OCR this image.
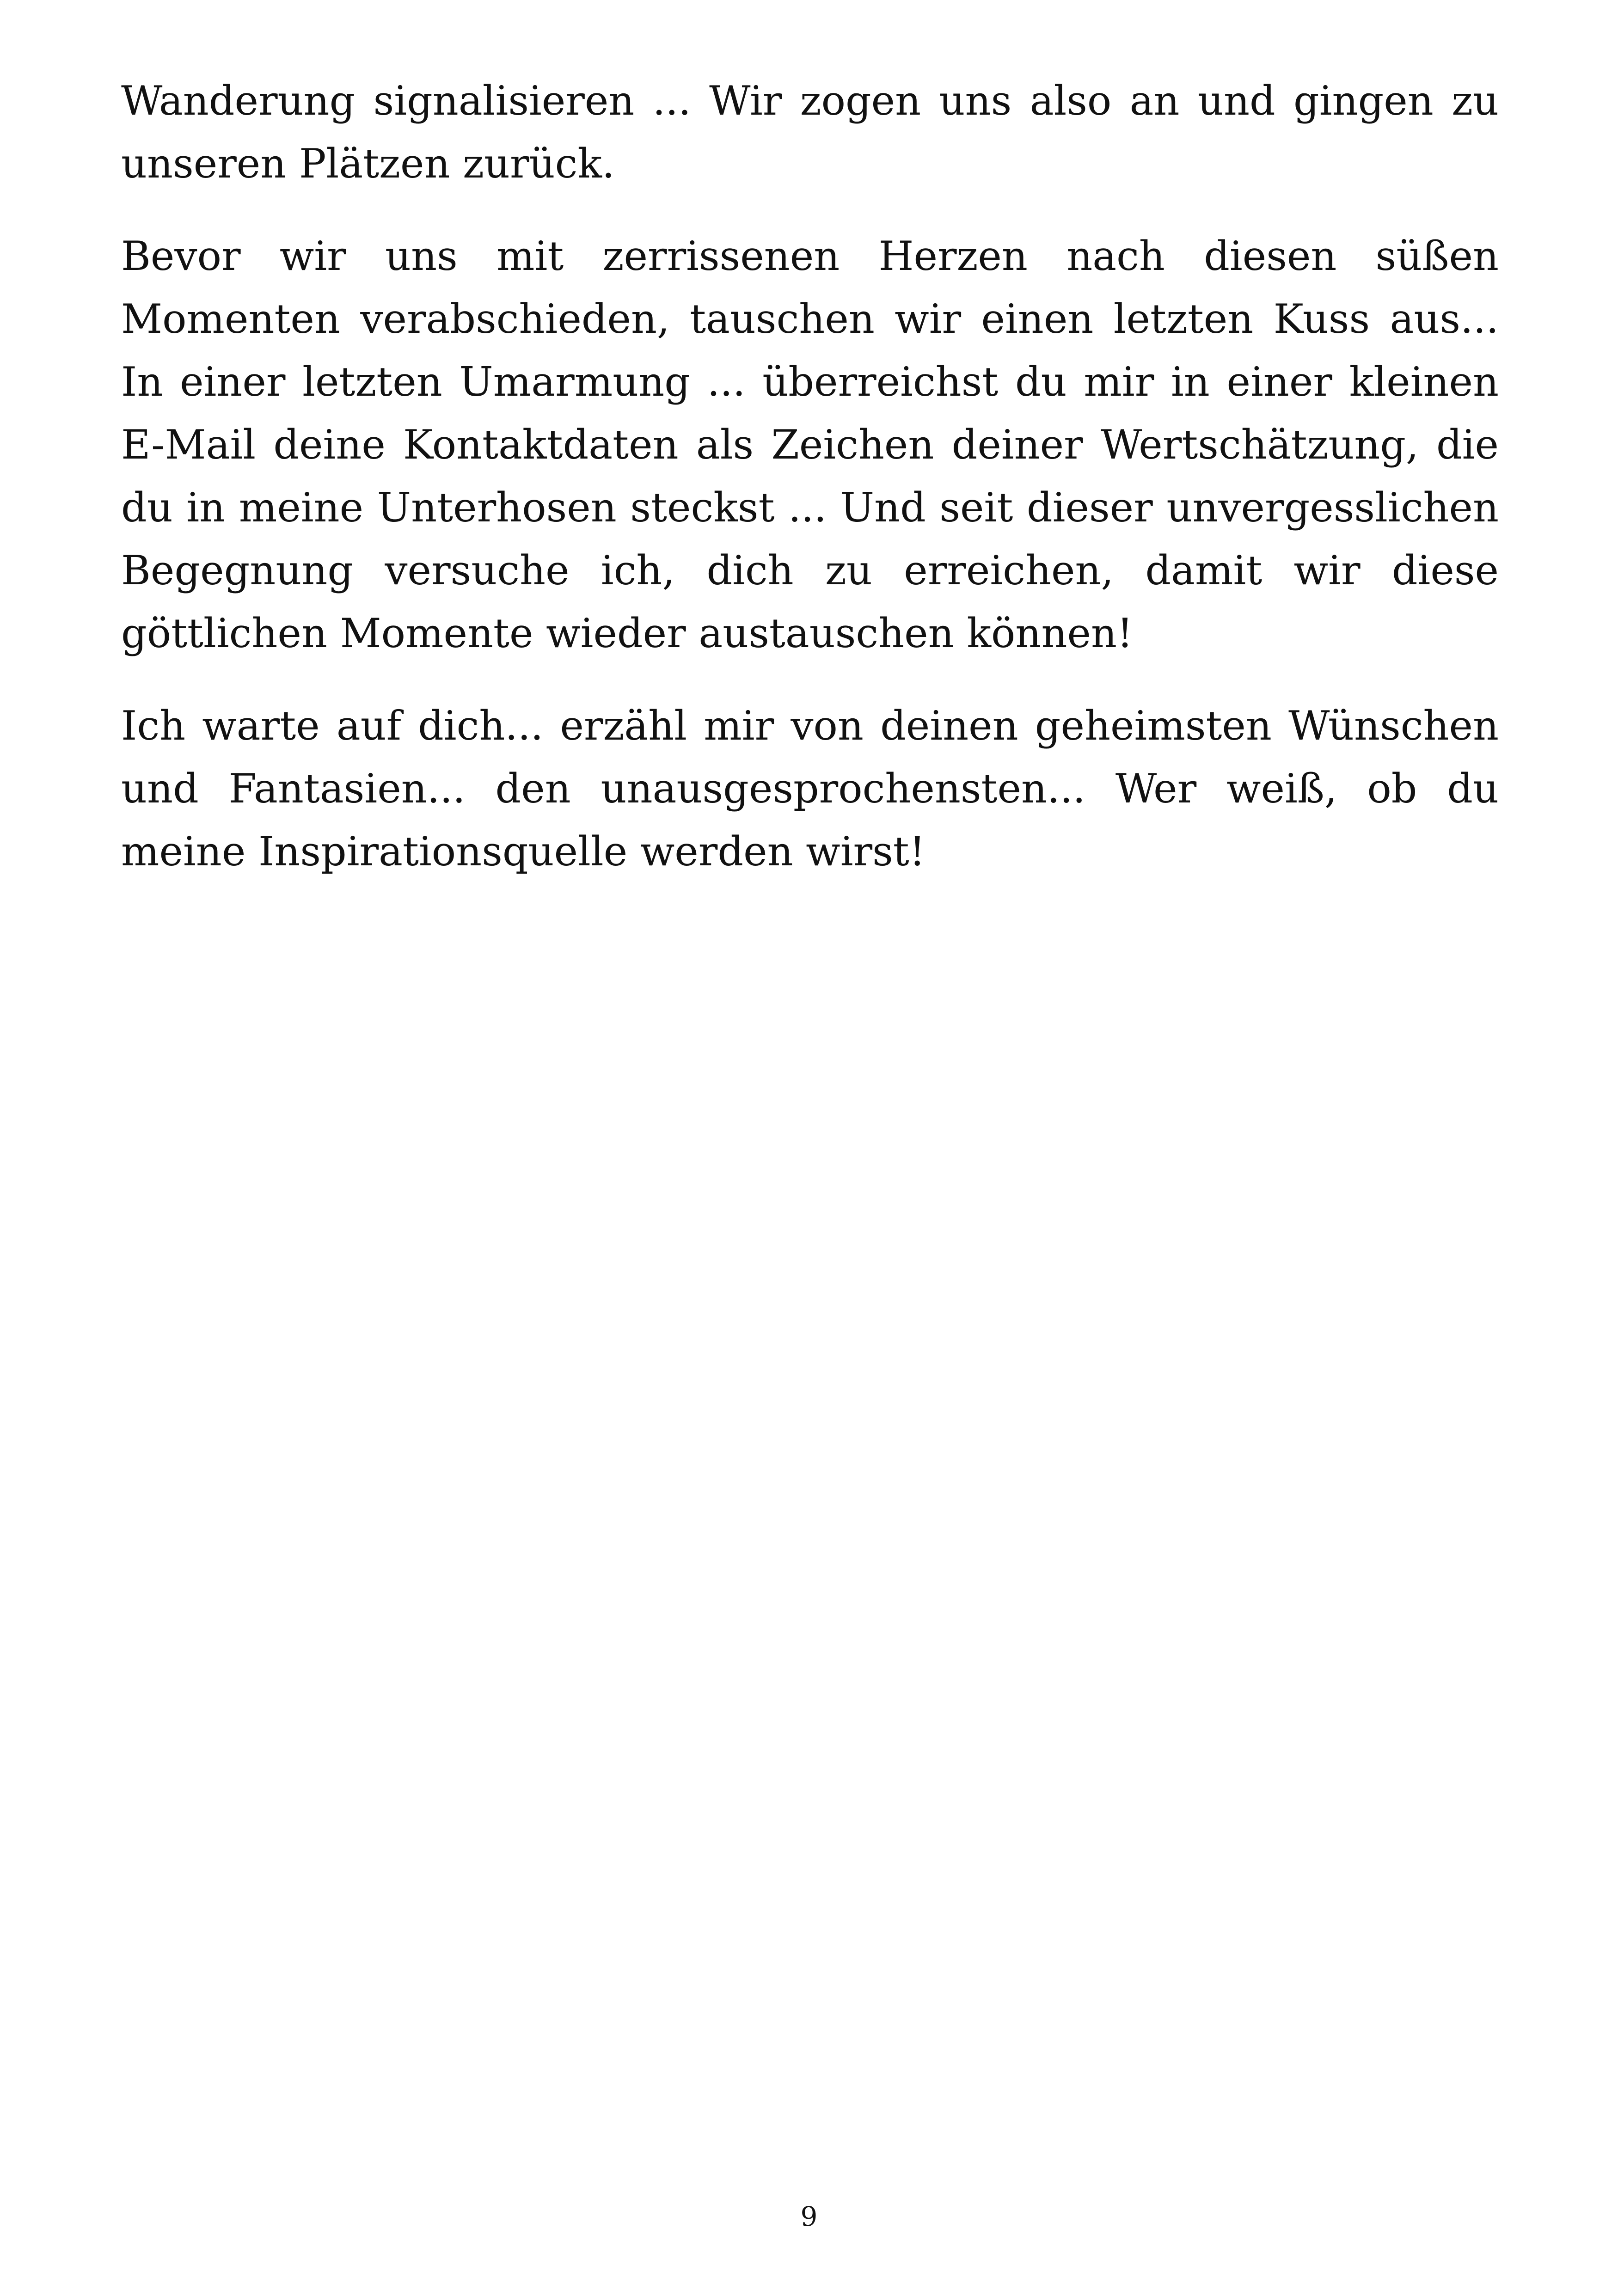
Wanderung signalisieren ... Wir zogen uns also an und gingen zu unseren Plätzen zurück.

Bevor wir uns mit zerrissenen Herzen nach diesen süßen Momenten verabschieden, tauschen wir einen letzten Kuss aus... In einer letzten Umarmung ... überreichst du mir in einer kleinen E-Mail deine Kontaktdaten als Zeichen deiner Wertschätzung, die du in meine Unterhosen steckst ... Und seit dieser unvergesslichen Begegnung versuche ich, dich zu erreichen, damit wir diese göttlichen Momente wieder austauschen können!

Ich warte auf dich... erzähl mir von deinen geheimsten Wünschen und Fantasien... den unausgesprochensten... Wer weiß, ob du meine Inspirationsquelle werden wirst!

9
